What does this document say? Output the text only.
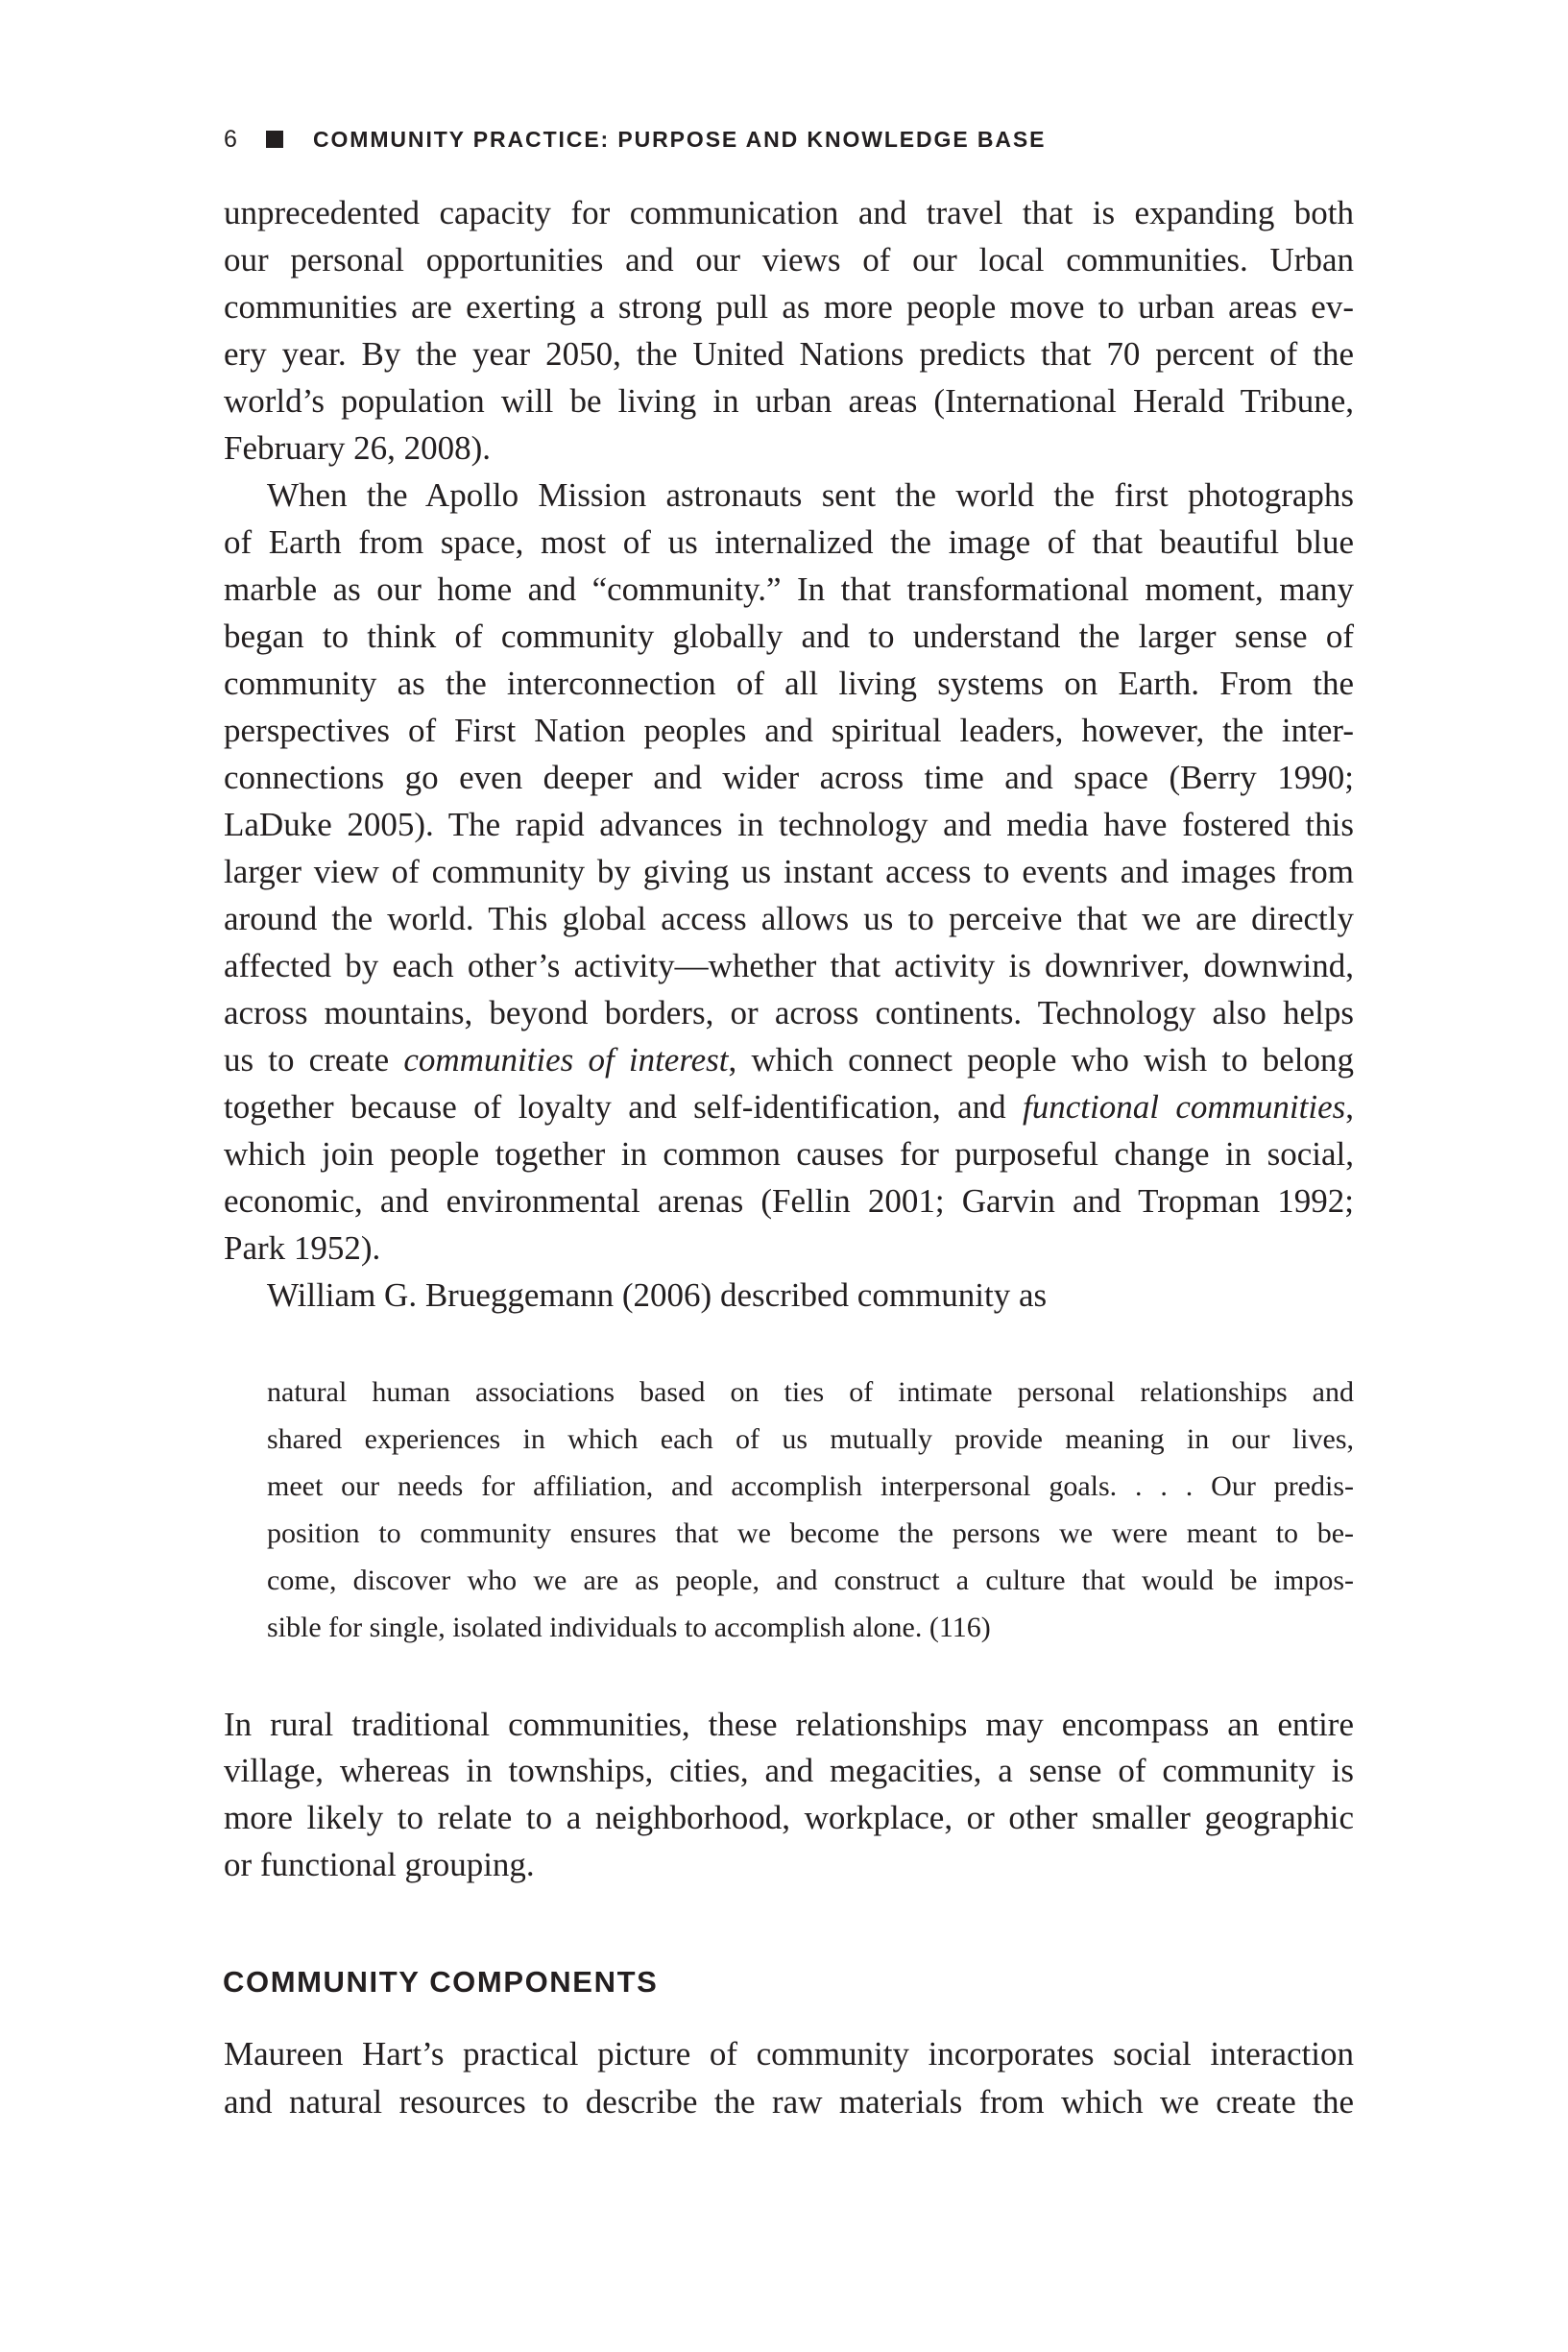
6	COMMUNITY PRACTICE: PURPOSE AND KNOWLEDGE BASE
unprecedented capacity for communication and travel that is expanding both
our personal opportunities and our views of our local communities. Urban
communities are exerting a strong pull as more people move to urban areas ev-
ery year. By the year 2050, the United Nations predicts that 70 percent of the
world’s population will be living in urban areas (International Herald Tribune,
February 26, 2008).
When the Apollo Mission astronauts sent the world the first photographs
of Earth from space, most of us internalized the image of that beautiful blue
marble as our home and “community.” In that transformational moment, many
began to think of community globally and to understand the larger sense of
community as the interconnection of all living systems on Earth. From the
perspectives of First Nation peoples and spiritual leaders, however, the inter-
connections go even deeper and wider across time and space (Berry 1990;
LaDuke 2005). The rapid advances in technology and media have fostered this
larger view of community by giving us instant access to events and images from
around the world. This global access allows us to perceive that we are directly
affected by each other’s activity—whether that activity is downriver, downwind,
across mountains, beyond borders, or across continents. Technology also helps
us to create communities of interest, which connect people who wish to belong
together because of loyalty and self-identification, and functional communities,
which join people together in common causes for purposeful change in social,
economic, and environmental arenas (Fellin 2001; Garvin and Tropman 1992;
Park 1952).
William G. Brueggemann (2006) described community as
natural human associations based on ties of intimate personal relationships and
shared experiences in which each of us mutually provide meaning in our lives,
meet our needs for affiliation, and accomplish interpersonal goals. . . . Our predis-
position to community ensures that we become the persons we were meant to be-
come, discover who we are as people, and construct a culture that would be impos-
sible for single, isolated individuals to accomplish alone. (116)
In rural traditional communities, these relationships may encompass an entire
village, whereas in townships, cities, and megacities, a sense of community is
more likely to relate to a neighborhood, workplace, or other smaller geographic
or functional grouping.
COMMUNITY COMPONENTS
Maureen Hart’s practical picture of community incorporates social interaction
and natural resources to describe the raw materials from which we create the
